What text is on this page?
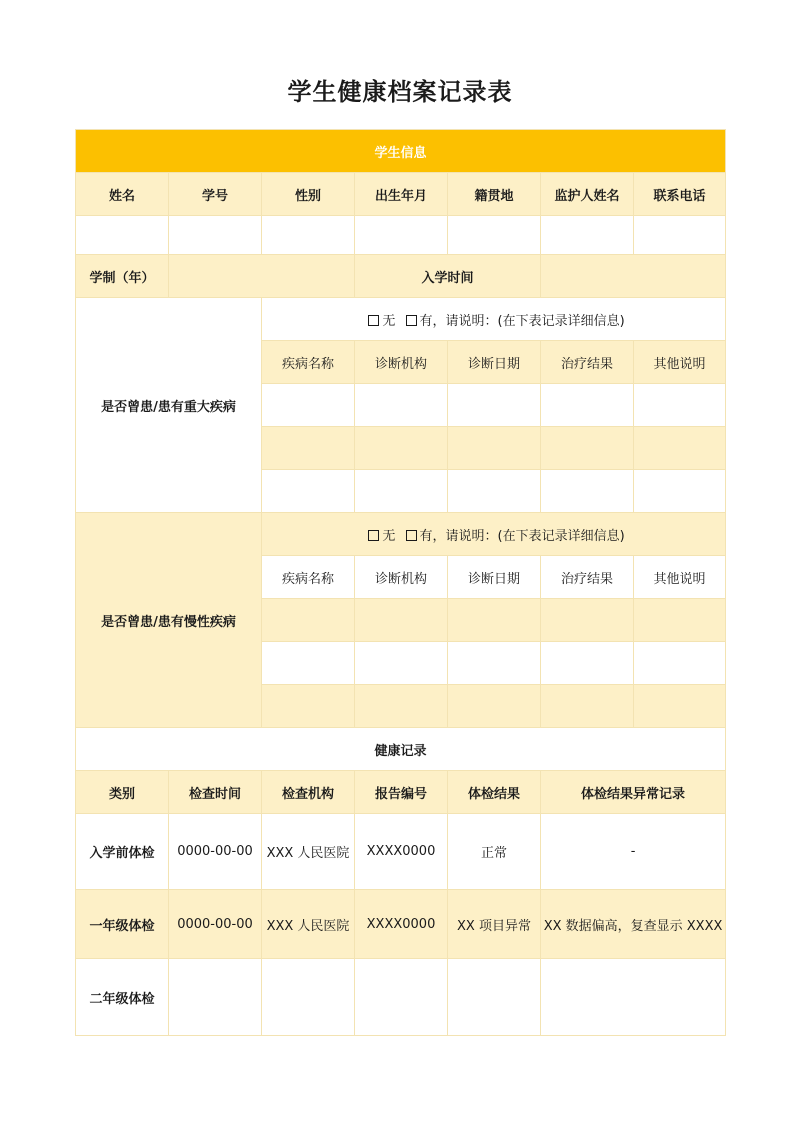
学生健康档案记录表
学生信息						
姓名	学号	性别	出生年月	籍贯地	监护人姓名	联系电话

学制（年）			入学时间			
是否曾患/患有重大疾病		无 有，请说明：(在下表记录详细信息)				
		疾病名称	诊断机构	诊断日期	治疗结果	其他说明

是否曾患/患有慢性疾病		无 有，请说明：(在下表记录详细信息)				
		疾病名称	诊断机构	诊断日期	治疗结果	其他说明

健康记录						
类别	检查时间	检查机构	报告编号	体检结果	体检结果异常记录	
入学前体检	0000-00-00	XXX 人民医院	XXXX0000	正常	-	
一年级体检	0000-00-00	XXX 人民医院	XXXX0000	XX 项目异常	XX 数据偏高，复查显示 XXXX	
二年级体检						
